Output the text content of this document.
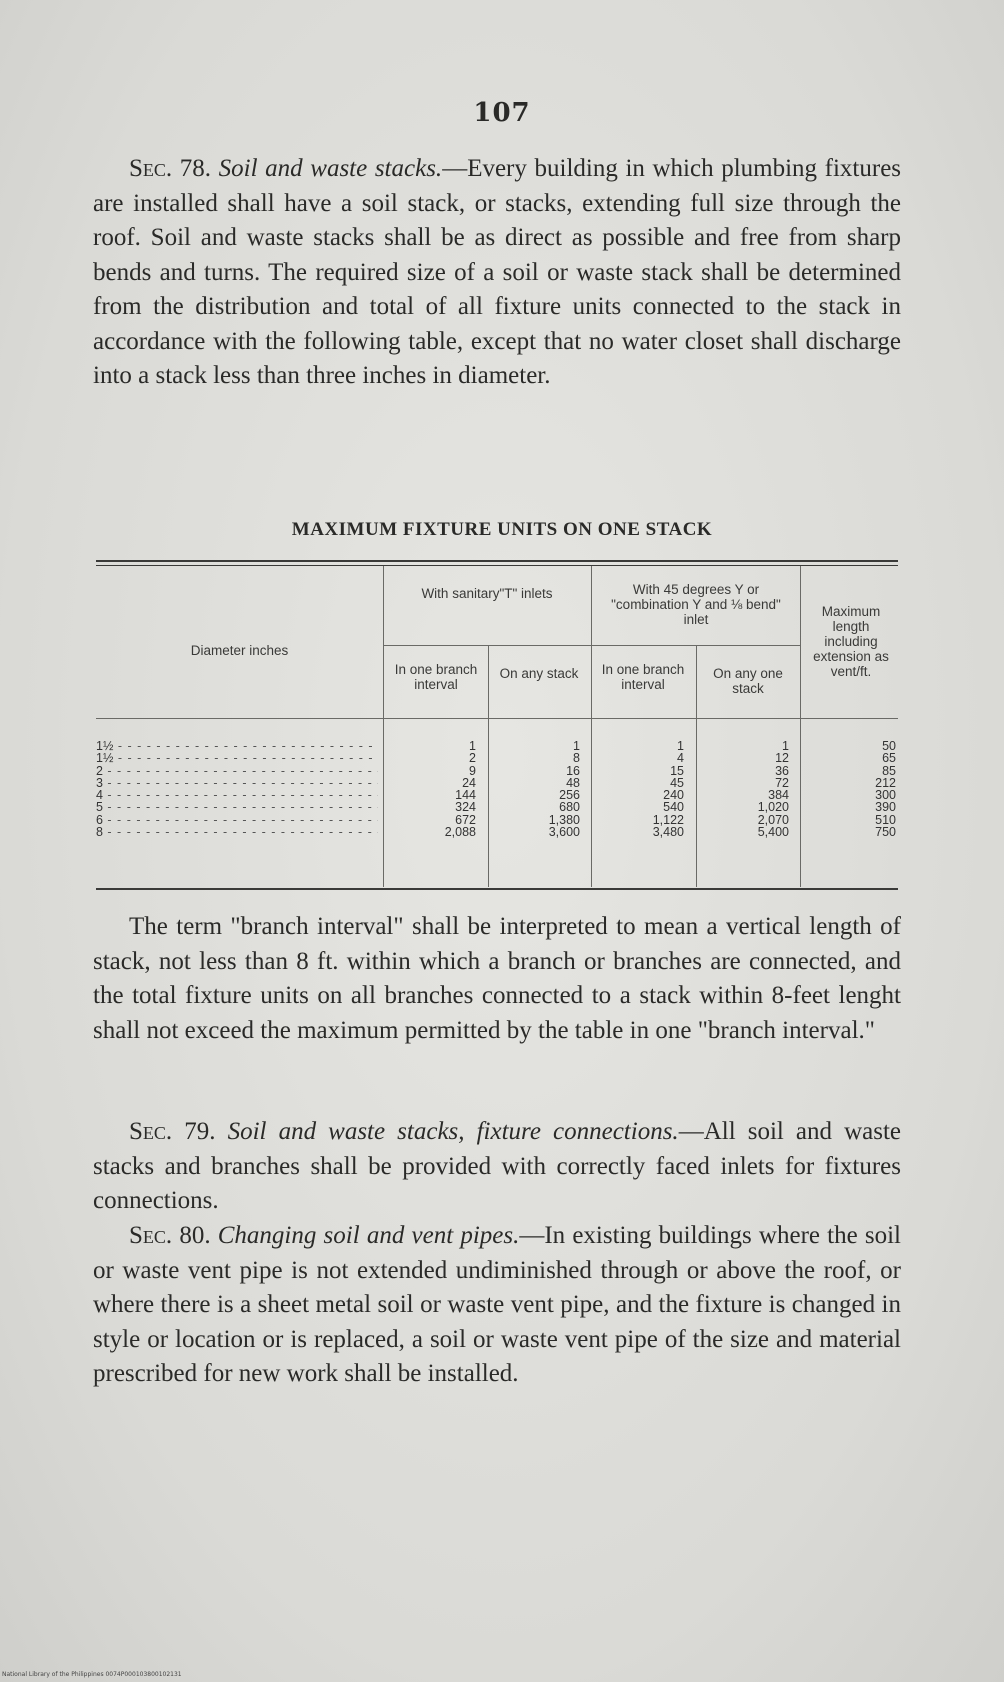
107
Sec. 78. Soil and waste stacks.—Every building in which plumbing fixtures are installed shall have a soil stack, or stacks, extending full size through the roof. Soil and waste stacks shall be as direct as possible and free from sharp bends and turns. The required size of a soil or waste stack shall be determined from the distribution and total of all fixture units connected to the stack in accordance with the following table, except that no water closet shall discharge into a stack less than three inches in diameter.
MAXIMUM FIXTURE UNITS ON ONE STACK
Diameter inches
With sanitary"T" inlets	With 45 degrees Y or "combination Y and ⅛ bend" inlet
Maximum length including extension as vent/ft.
In one branch interval
On any stack In one branch interval
On any one stack
1½ - - -
1½ - - -
2 - - -
3 - - -
4 - - -
5 - - -
6 - - -
8 - - -
1
2
9
24
144
324
672
2,088
1
8
16
48
256
680
1,380
3,600
1
4
15
45
240
540
1,122
3,480
1
12
36
72
384
1,020
2,070
5,400
50
65
85
212
300
390
510
750
The term "branch interval" shall be interpreted to mean a vertical length of stack, not less than 8 ft. within which a branch or branches are connected, and the total fixture units on all branches connected to a stack within 8-feet lenght shall not exceed the maximum permitted by the table in one "branch interval."
Sec. 79. Soil and waste stacks, fixture connections.—All soil and waste stacks and branches shall be provided with correctly faced inlets for fixtures connections.
Sec. 80. Changing soil and vent pipes.—In existing buildings where the soil or waste vent pipe is not extended undiminished through or above the roof, or where there is a sheet metal soil or waste vent pipe, and the fixture is changed in style or location or is replaced, a soil or waste vent pipe of the size and material prescribed for new work shall be installed.
National Library of the Philippines 0074P000103800102131
